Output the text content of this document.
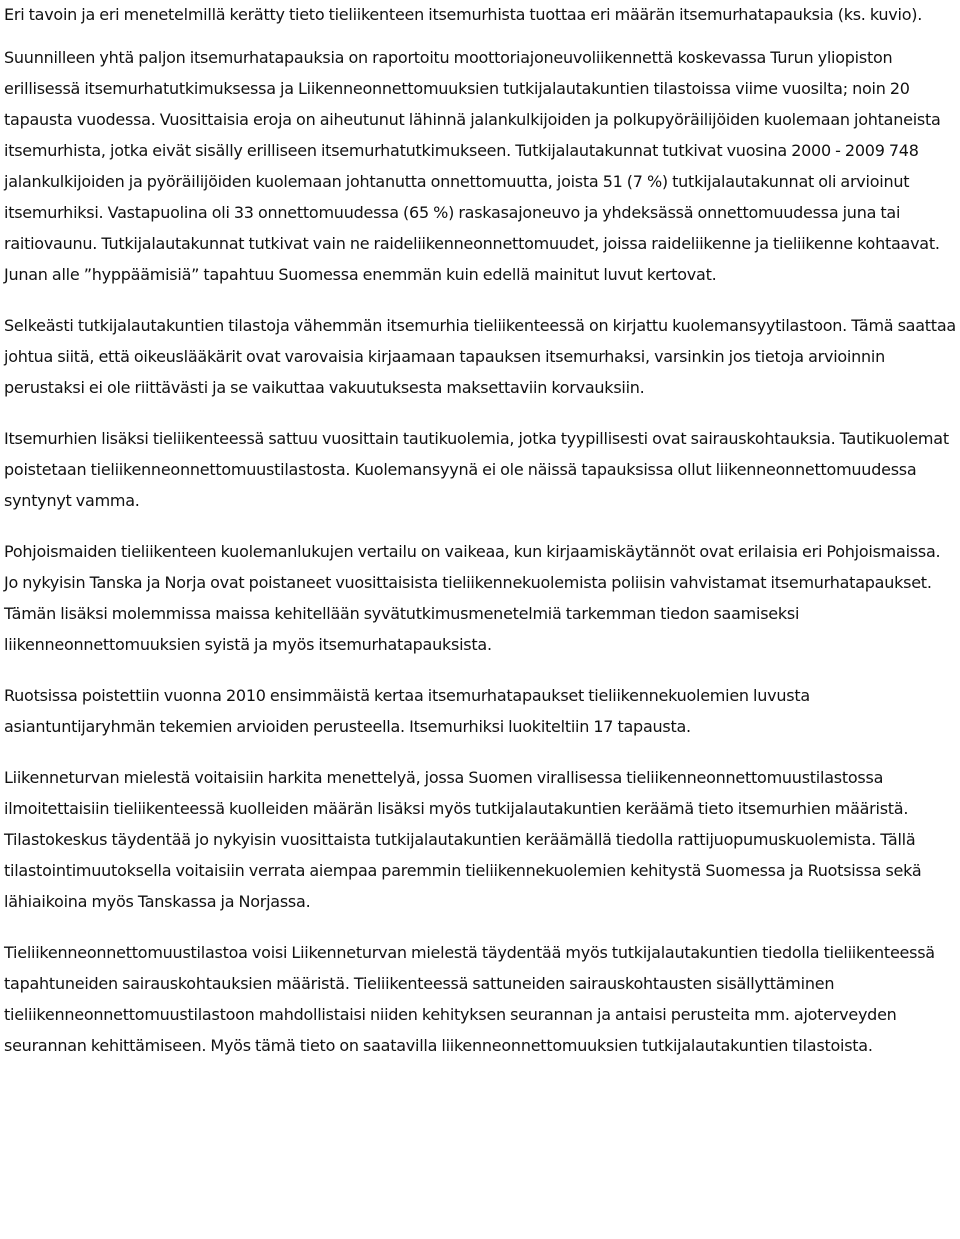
Eri tavoin ja eri menetelmillä kerätty tieto tieliikenteen itsemurhista tuottaa eri määrän itsemurhatapauksia (ks. kuvio).

Suunnilleen yhtä paljon itsemurhatapauksia on raportoitu moottoriajoneuvoliikennettä koskevassa Turun yliopiston erillisessä itsemurhatutkimuksessa ja Liikenneonnettomuuksien tutkijalautakuntien tilastoissa viime vuosilta; noin 20 tapausta vuodessa. Vuosittaisia eroja on aiheutunut lähinnä jalankulkijoiden ja polkupyöräilijöiden kuolemaan johtaneista itsemurhista, jotka eivät sisälly erilliseen itsemurhatutkimukseen. Tutkijalautakunnat tutkivat vuosina 2000 - 2009 748 jalankulkijoiden ja pyöräilijöiden kuolemaan johtanutta onnettomuutta, joista 51 (7 %) tutkijalautakunnat oli arvioinut itsemurhiksi. Vastapuolina oli 33 onnettomuudessa (65 %) raskasajoneuvo ja yhdeksässä onnettomuudessa juna tai raitiovaunu. Tutkijalautakunnat tutkivat vain ne raideliikenneonnettomuudet, joissa raideliikenne ja tieliikenne kohtaavat. Junan alle ”hyppäämisiä” tapahtuu Suomessa enemmän kuin edellä mainitut luvut kertovat.

Selkeästi tutkijalautakuntien tilastoja vähemmän itsemurhia tieliikenteessä on kirjattu kuolemansyytilastoon. Tämä saattaa johtua siitä, että oikeuslääkärit ovat varovaisia kirjaamaan tapauksen itsemurhaksi, varsinkin jos tietoja arvioinnin perustaksi ei ole riittävästi ja se vaikuttaa vakuutuksesta maksettaviin korvauksiin.

Itsemurhien lisäksi tieliikenteessä sattuu vuosittain tautikuolemia, jotka tyypillisesti ovat sairauskohtauksia. Tautikuolemat poistetaan tieliikenneonnettomuustilastosta. Kuolemansyynä ei ole näissä tapauksissa ollut liikenneonnettomuudessa syntynyt vamma.

Pohjoismaiden tieliikenteen kuolemanlukujen vertailu on vaikeaa, kun kirjaamiskäytännöt ovat erilaisia eri Pohjoismaissa. Jo nykyisin Tanska ja Norja ovat poistaneet vuosittaisista tieliikennekuolemista poliisin vahvistamat itsemurhatapaukset. Tämän lisäksi molemmissa maissa kehitellään syvätutkimusmenetelmiä tarkemman tiedon saamiseksi liikenneonnettomuuksien syistä ja myös itsemurhatapauksista.

Ruotsissa poistettiin vuonna 2010 ensimmäistä kertaa itsemurhatapaukset tieliikennekuolemien luvusta asiantuntijaryhmän tekemien arvioiden perusteella. Itsemurhiksi luokiteltiin 17 tapausta.

Liikenneturvan mielestä voitaisiin harkita menettelyä, jossa Suomen virallisessa tieliikenneonnettomuustilastossa ilmoitettaisiin tieliikenteessä kuolleiden määrän lisäksi myös tutkijalautakuntien keräämä tieto itsemurhien määristä. Tilastokeskus täydentää jo nykyisin vuosittaista tutkijalautakuntien keräämällä tiedolla rattijuopumuskuolemista. Tällä tilastointimuutoksella voitaisiin verrata aiempaa paremmin tieliikennekuolemien kehitystä Suomessa ja Ruotsissa sekä lähiaikoina myös Tanskassa ja Norjassa.

Tieliikenneonnettomuustilastoa voisi Liikenneturvan mielestä täydentää myös tutkijalautakuntien tiedolla tieliikenteessä tapahtuneiden sairauskohtauksien määristä. Tieliikenteessä sattuneiden sairauskohtausten sisällyttäminen tieliikenneonnettomuustilastoon mahdollistaisi niiden kehityksen seurannan ja antaisi perusteita mm. ajoterveyden seurannan kehittämiseen. Myös tämä tieto on saatavilla liikenneonnettomuuksien tutkijalautakuntien tilastoista.
